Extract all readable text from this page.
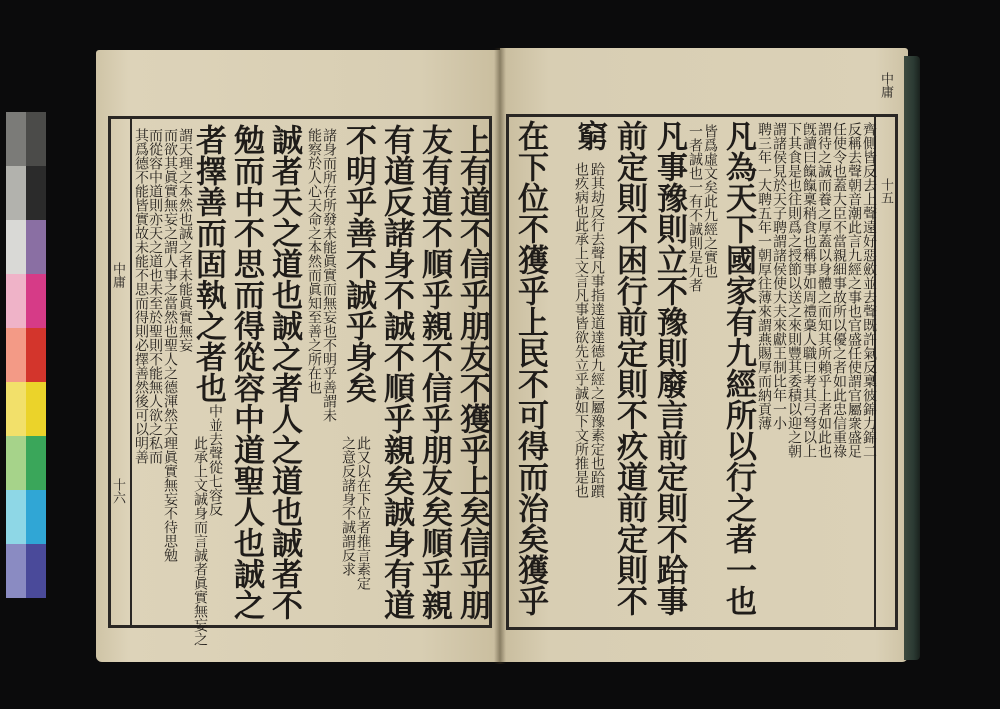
中庸
十六
中庸
十五
齊側皆反去上聲遠好惡斂並去聲既許氣反稟彼錦力錦二
反稱去聲朝音潮此言九經之事也官盛任使謂官屬衆盛足
任使令也蓋大臣不當親細事故所以優之者如此忠信重祿
謂待之誠而養之厚蓋以身體之而知其所賴乎上者如此也
旣讀曰餼餼稟稍食也稱事如周禮稾人職曰考其弓弩以上
下其食是也往則爲之授節以送之來則豐其委積以迎之朝
謂諸侯見於天子聘謂諸侯使大夫來獻王制比年一小
聘三年一大聘五年一朝厚往薄來謂燕賜厚而納貢薄
凡為天下國家有九經所以行之者一也
皆爲虛文矣此九經之實也
一者誠也一有不誠則是九者
凡事豫則立不豫則廢言前定則不跲事
前定則不困行前定則不疚道前定則不
窮
跲其劫反行去聲凡事指達道達德九經之屬豫素定也跲躓
也疚病也此承上文言凡事皆欲先立乎誠如下文所推是也
在下位不獲乎上民不可得而治矣獲乎
上有道不信乎朋友不獲乎上矣信乎朋
友有道不順乎親不信乎朋友矣順乎親
有道反諸身不誠不順乎親矣誠身有道
不明乎善不誠乎身矣
此又以在下位者推言素定
之意反諸身不誠謂反求
諸身而所存所發未能眞實而無妄也不明乎善謂未
能察於人心天命之本然而眞知至善之所在也
誠者天之道也誠之者人之道也誠者不
勉而中不思而得從容中道聖人也誠之
者擇善而固執之者也
中並去聲從七容反
此承上文誠身而言誠者眞實無妄之
謂天理之本然也誠之者未能眞實無妄
而欲其眞實無妄之謂人事之當然也聖人之德渾然天理眞實無妄不待思勉
而從容中道則亦天之道也未至於聖則不能無人欲之私而
其爲德不能皆實故未能不思而得則必擇善然後可以明善
